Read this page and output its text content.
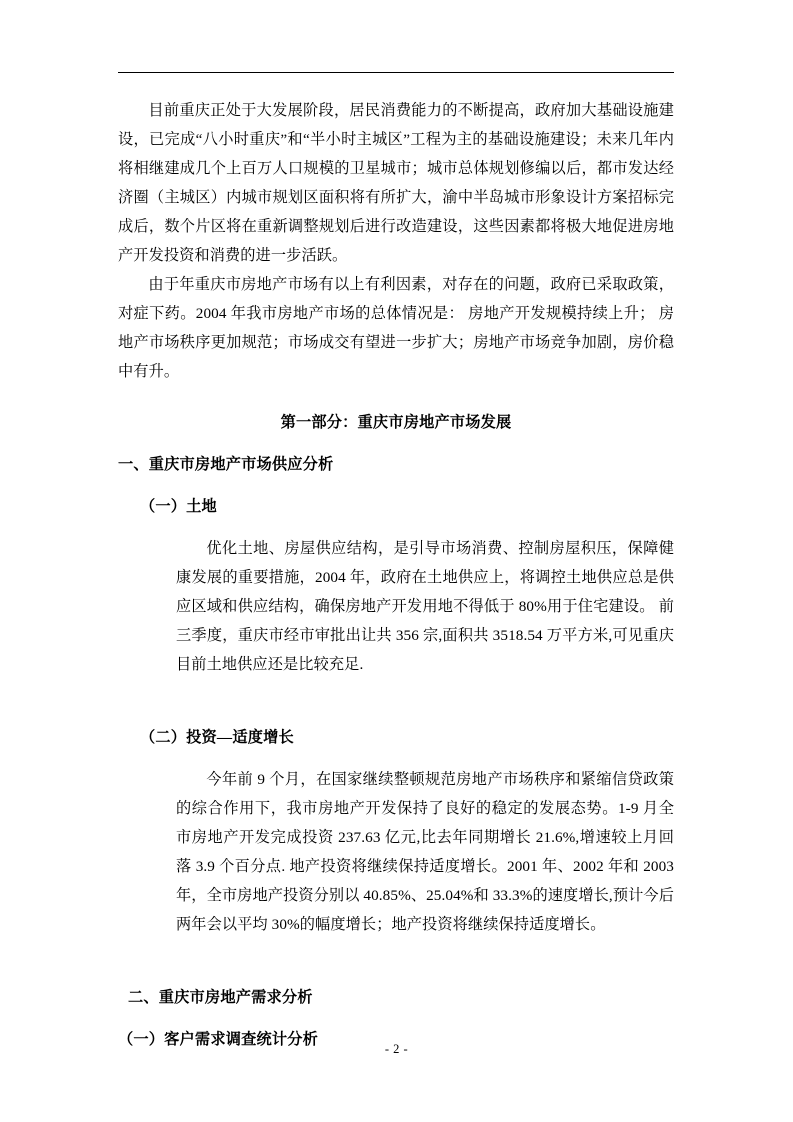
目前重庆正处于大发展阶段，居民消费能力的不断提高，政府加大基础设施建设，已完成“八小时重庆”和“半小时主城区”工程为主的基础设施建设；未来几年内将相继建成几个上百万人口规模的卫星城市；城市总体规划修编以后，都市发达经济圈（主城区）内城市规划区面积将有所扩大，渝中半岛城市形象设计方案招标完成后，数个片区将在重新调整规划后进行改造建设，这些因素都将极大地促进房地产开发投资和消费的进一步活跃。

由于年重庆市房地产市场有以上有利因素，对存在的问题，政府已采取政策，对症下药。2004 年我市房地产市场的总体情况是： 房地产开发规模持续上升； 房地产市场秩序更加规范；市场成交有望进一步扩大；房地产市场竞争加剧，房价稳中有升。

第一部分：重庆市房地产市场发展
一、重庆市房地产市场供应分析
（一）土地

优化土地、房屋供应结构，是引导市场消费、控制房屋积压，保障健康发展的重要措施，2004 年，政府在土地供应上，将调控土地供应总是供应区域和供应结构，确保房地产开发用地不得低于 80%用于住宅建设。 前三季度，重庆市经市审批出让共 356 宗,面积共 3518.54 万平方米,可见重庆目前土地供应还是比较充足.

（二）投资—适度增长

今年前 9 个月，在国家继续整顿规范房地产市场秩序和紧缩信贷政策的综合作用下，我市房地产开发保持了良好的稳定的发展态势。1-9 月全市房地产开发完成投资 237.63 亿元,比去年同期增长 21.6%,增速较上月回落 3.9 个百分点. 地产投资将继续保持适度增长。2001 年、2002 年和 2003 年，全市房地产投资分别以 40.85%、25.04%和 33.3%的速度增长,预计今后两年会以平均 30%的幅度增长；地产投资将继续保持适度增长。

二、重庆市房地产需求分析
（一）客户需求调查统计分析
- 2 -
